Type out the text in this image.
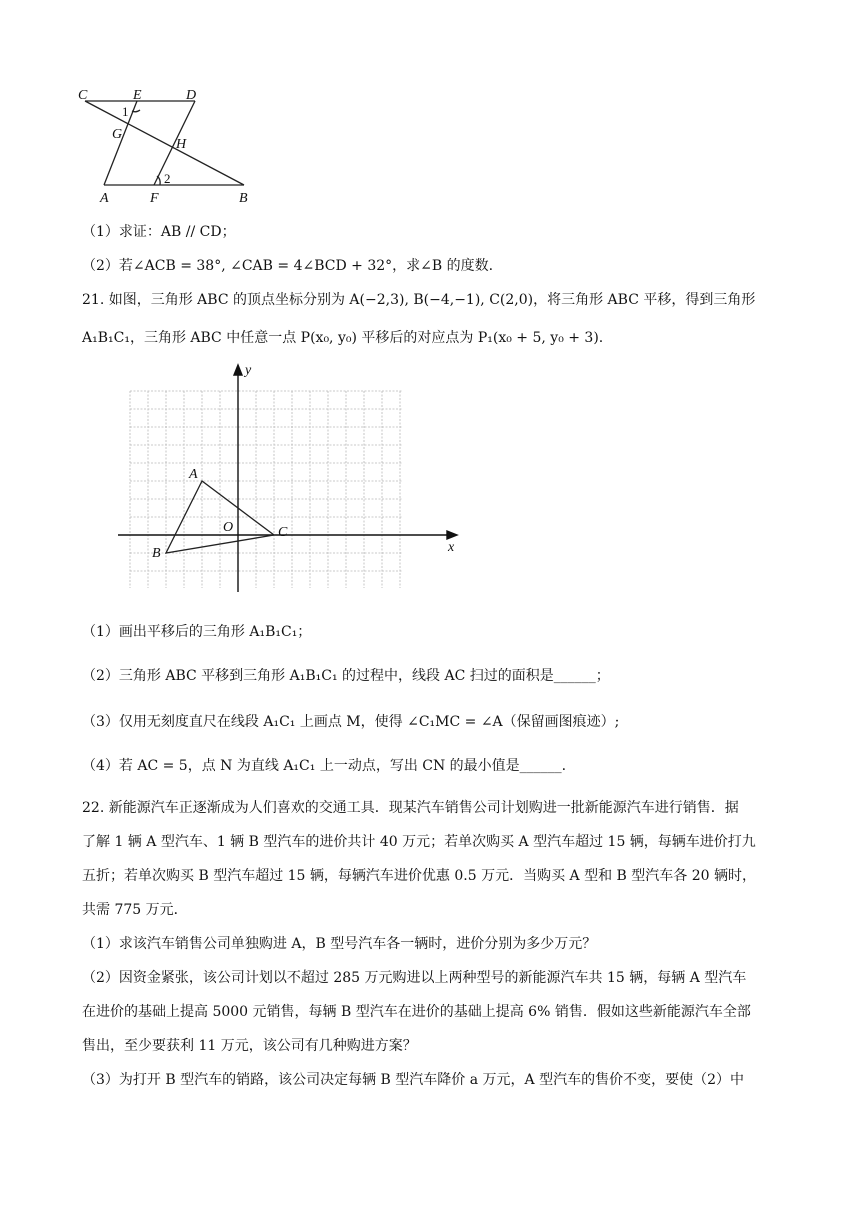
C	E	D
G
H
A	F	B
1
2
（1）求证：AB // CD；
（2）若∠ACB = 38°, ∠CAB = 4∠BCD + 32°，求∠B 的度数.
21. 如图，三角形 ABC 的顶点坐标分别为 A(−2,3), B(−4,−1), C(2,0)，将三角形 ABC 平移，得到三角形
A₁B₁C₁，三角形 ABC 中任意一点 P(x₀, y₀) 平移后的对应点为 P₁(x₀ + 5, y₀ + 3).
A
B
C
O
x
y
（1）画出平移后的三角形 A₁B₁C₁；
（2）三角形 ABC 平移到三角形 A₁B₁C₁ 的过程中，线段 AC 扫过的面积是______；
（3）仅用无刻度直尺在线段 A₁C₁ 上画点 M，使得 ∠C₁MC = ∠A（保留画图痕迹）;
（4）若 AC = 5，点 N 为直线 A₁C₁ 上一动点，写出 CN 的最小值是______.
22. 新能源汽车正逐渐成为人们喜欢的交通工具．现某汽车销售公司计划购进一批新能源汽车进行销售．据
了解 1 辆 A 型汽车、1 辆 B 型汽车的进价共计 40 万元；若单次购买 A 型汽车超过 15 辆，每辆车进价打九
五折；若单次购买 B 型汽车超过 15 辆，每辆汽车进价优惠 0.5 万元．当购买 A 型和 B 型汽车各 20 辆时，
共需 775 万元．
（1）求该汽车销售公司单独购进 A，B 型号汽车各一辆时，进价分别为多少万元？
（2）因资金紧张，该公司计划以不超过 285 万元购进以上两种型号的新能源汽车共 15 辆，每辆 A 型汽车
在进价的基础上提高 5000 元销售，每辆 B 型汽车在进价的基础上提高 6% 销售．假如这些新能源汽车全部
售出，至少要获利 11 万元，该公司有几种购进方案？
（3）为打开 B 型汽车的销路，该公司决定每辆 B 型汽车降价 a 万元，A 型汽车的售价不变，要使（2）中
